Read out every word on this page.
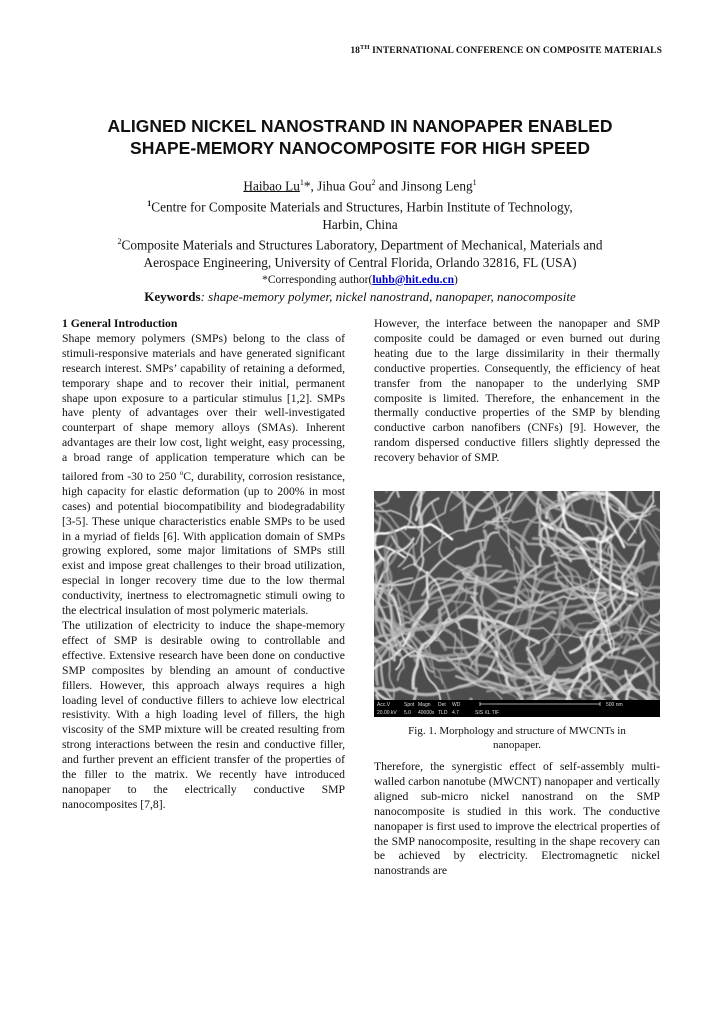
18TH INTERNATIONAL CONFERENCE ON COMPOSITE MATERIALS
ALIGNED NICKEL NANOSTRAND IN NANOPAPER ENABLED
SHAPE-MEMORY NANOCOMPOSITE FOR HIGH SPEED
Haibao Lu$^1$*, Jihua Gou$^2$ and Jinsong Leng$^1$
$^1$Centre for Composite Materials and Structures, Harbin Institute of Technology,
Harbin, China
$^2$Composite Materials and Structures Laboratory, Department of Mechanical, Materials and
Aerospace Engineering, University of Central Florida, Orlando 32816, FL (USA)
*Corresponding author(luhb@hit.edu.cn)
Keywords: shape-memory polymer, nickel nanostrand, nanopaper, nanocomposite

1 General Introduction

Shape memory polymers (SMPs) belong to the class of stimuli-responsive materials and have generated significant research interest. SMPs’ capability of retaining a deformed, temporary shape and to recover their initial, permanent shape upon exposure to a particular stimulus [1,2]. SMPs have plenty of advantages over their well-investigated counterpart of shape memory alloys (SMAs). Inherent advantages are their low cost, light weight, easy processing, a broad range of application temperature which can be tailored from -30 to 250 $^o$C, durability, corrosion resistance, high capacity for elastic deformation (up to 200% in most cases) and potential biocompatibility and biodegradability [3-5]. These unique characteristics enable SMPs to be used in a myriad of fields [6]. With application domain of SMPs growing explored, some major limitations of SMPs still exist and impose great challenges to their broad utilization, especial in longer recovery time due to the low thermal conductivity, inertness to electromagnetic stimuli owing to the electrical insulation of most polymeric materials.

The utilization of electricity to induce the shape-memory effect of SMP is desirable owing to controllable and effective. Extensive research have been done on conductive SMP composites by blending an amount of conductive fillers. However, this approach always requires a high loading level of conductive fillers to achieve low electrical resistivity. With a high loading level of fillers, the high viscosity of the SMP mixture will be created resulting from strong interactions between the resin and conductive filler, and further prevent an efficient transfer of the properties of the filler to the matrix. We recently have introduced nanopaper to the electrically conductive SMP nanocomposites [7,8].

However, the interface between the nanopaper and SMP composite could be damaged or even burned out during heating due to the large dissimilarity in their thermally conductive properties. Consequently, the efficiency of heat transfer from the nanopaper to the underlying SMP composite is limited. Therefore, the enhancement in the thermally conductive properties of the SMP by blending conductive carbon nanofibers (CNFs) [9]. However, the random dispersed conductive fillers slightly depressed the recovery behavior of SMP.

Acc.V	Spot Magn Det WD
20.00 kV 5.0 40000x TLD 4.7	SIS XL TIF
500 nm
Fig. 1. Morphology and structure of MWCNTs in nanopaper.

Therefore, the synergistic effect of self-assembly multi-walled carbon nanotube (MWCNT) nanopaper and vertically aligned sub-micro nickel nanostrand on the SMP nanocomposite is studied in this work. The conductive nanopaper is first used to improve the electrical properties of the SMP nanocomposite, resulting in the shape recovery can be achieved by electricity. Electromagnetic nickel nanostrands are
